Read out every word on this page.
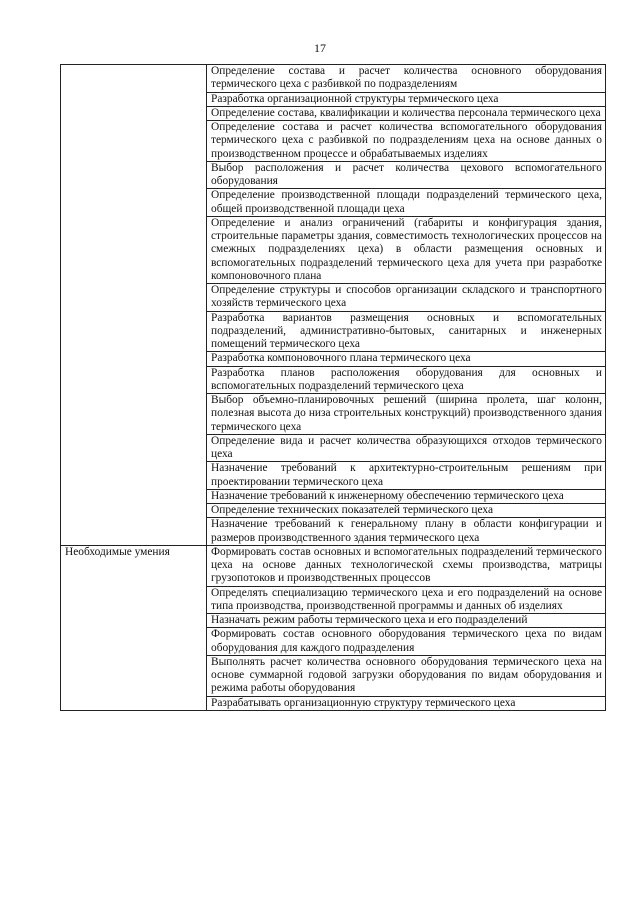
17
	Определение состава и расчет количества основного оборудования термического цеха с разбивкой по подразделениям
	Разработка организационной структуры термического цеха
	Определение состава, квалификации и количества персонала термического цеха
	Определение состава и расчет количества вспомогательного оборудования термического цеха с разбивкой по подразделениям цеха на основе данных о производственном процессе и обрабатываемых изделиях
	Выбор расположения и расчет количества цехового вспомогательного оборудования
	Определение производственной площади подразделений термического цеха, общей производственной площади цеха
	Определение и анализ ограничений (габариты и конфигурация здания, строительные параметры здания, совместимость технологических процессов на смежных подразделениях цеха) в области размещения основных и вспомогательных подразделений термического цеха для учета при разработке компоновочного плана
	Определение структуры и способов организации складского и транспортного хозяйств термического цеха
	Разработка вариантов размещения основных и вспомогательных подразделений, административно-бытовых, санитарных и инженерных помещений термического цеха
	Разработка компоновочного плана термического цеха
	Разработка планов расположения оборудования для основных и вспомогательных подразделений термического цеха
	Выбор объемно-планировочных решений (ширина пролета, шаг колонн, полезная высота до низа строительных конструкций) производственного здания термического цеха
	Определение вида и расчет количества образующихся отходов термического цеха
	Назначение требований к архитектурно-строительным решениям при проектировании термического цеха
	Назначение требований к инженерному обеспечению термического цеха
	Определение технических показателей термического цеха
	Назначение требований к генеральному плану в области конфигурации и размеров производственного здания термического цеха
Необходимые умения	Формировать состав основных и вспомогательных подразделений термического цеха на основе данных технологической схемы производства, матрицы грузопотоков и производственных процессов
	Определять специализацию термического цеха и его подразделений на основе типа производства, производственной программы и данных об изделиях
	Назначать режим работы термического цеха и его подразделений
	Формировать состав основного оборудования термического цеха по видам оборудования для каждого подразделения
	Выполнять расчет количества основного оборудования термического цеха на основе суммарной годовой загрузки оборудования по видам оборудования и режима работы оборудования
	Разрабатывать организационную структуру термического цеха
